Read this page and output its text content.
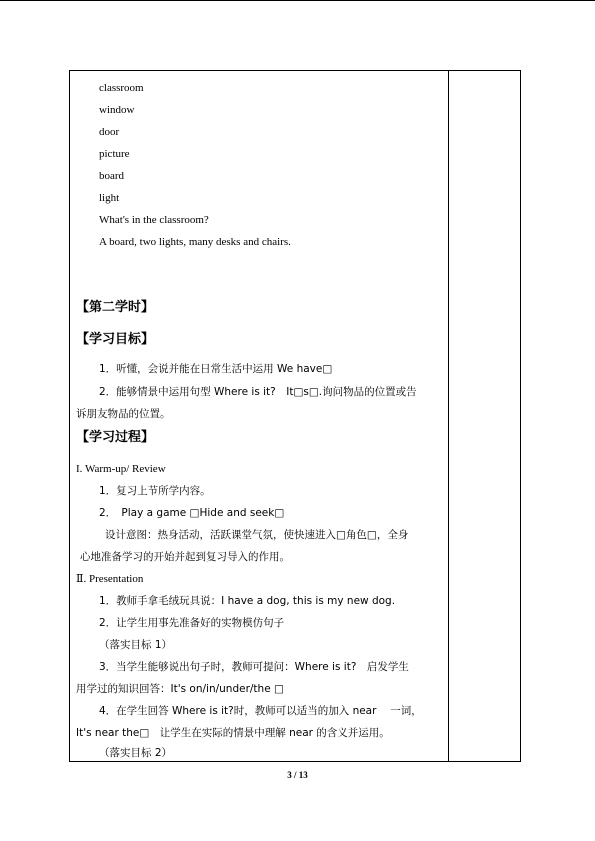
classroom
window
door
picture
board
light
What's in the classroom?
A board, two lights, many desks and chairs.
【第二学时】
【学习目标】
1．听懂，会说并能在日常生活中运用 We have□
2．能够情景中运用句型 Where is it?　It□s□.询问物品的位置或告
诉朋友物品的位置。
【学习过程】
I. Warm-up/ Review
1．复习上节所学内容。
2．　Play a game □Hide and seek□
设计意图：热身活动，活跃课堂气氛，使快速进入□角色□，全身
心地准备学习的开始并起到复习导入的作用。
Ⅱ. Presentation
1．教师手拿毛绒玩具说：I have a dog, this is my new dog.
2．让学生用事先准备好的实物模仿句子
（落实目标 1）
3．当学生能够说出句子时，教师可提问：Where is it?　启发学生
用学过的知识回答：It's on/in/under/the □
4．在学生回答 Where is it?时，教师可以适当的加入 near 　一词，
It's near the□　让学生在实际的情景中理解 near 的含义并运用。
（落实目标 2）
3 / 13
